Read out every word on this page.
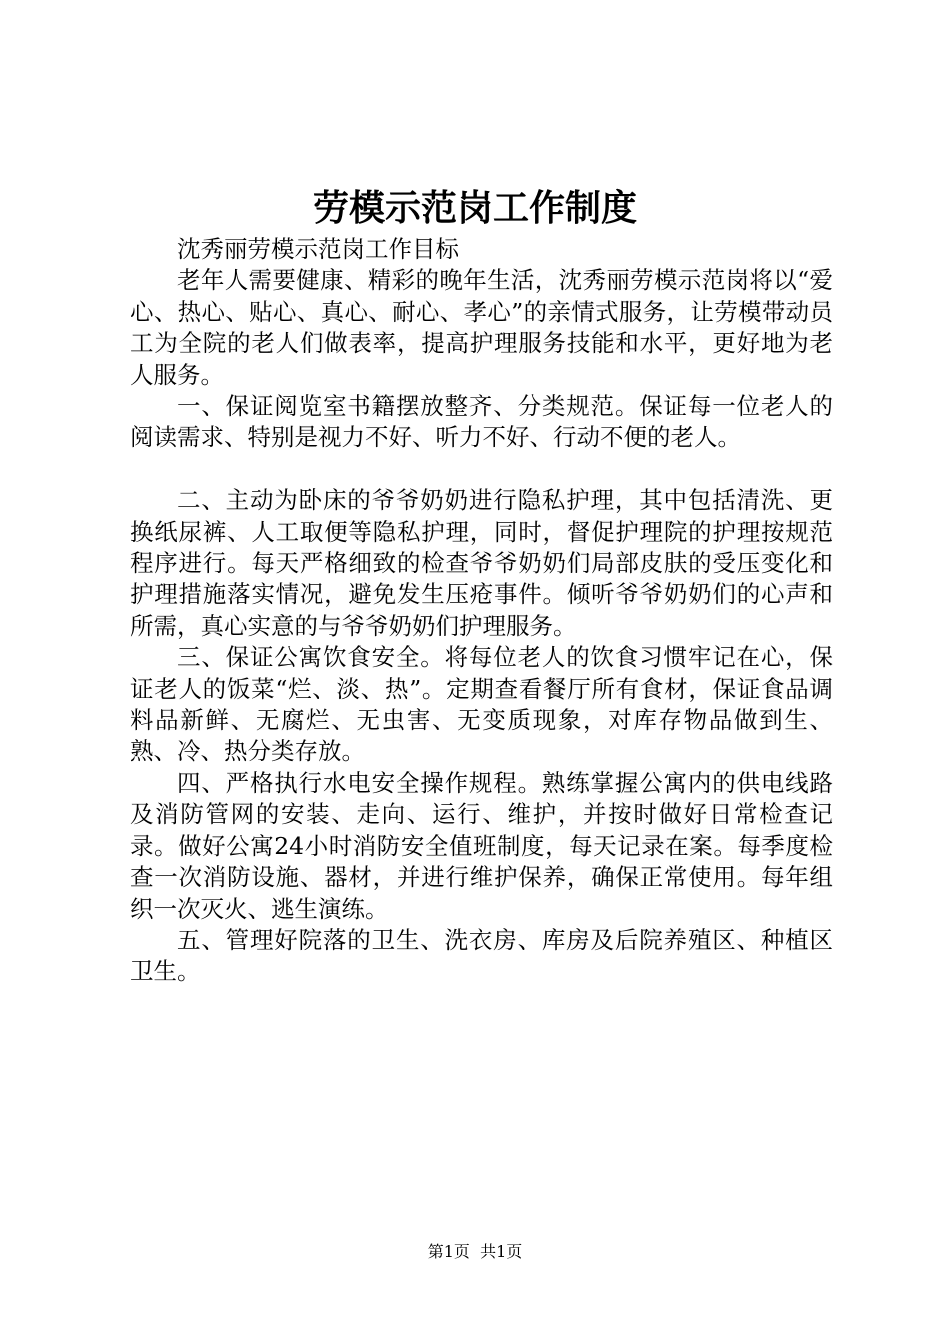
劳模示范岗工作制度

沈秀丽劳模示范岗工作目标

老年人需要健康、精彩的晚年生活，沈秀丽劳模示范岗将以“爱心、热心、贴心、真心、耐心、孝心”的亲情式服务，让劳模带动员工为全院的老人们做表率，提高护理服务技能和水平，更好地为老人服务。

一、保证阅览室书籍摆放整齐、分类规范。保证每一位老人的阅读需求、特别是视力不好、听力不好、行动不便的老人。

二、主动为卧床的爷爷奶奶进行隐私护理，其中包括清洗、更换纸尿裤、人工取便等隐私护理，同时，督促护理院的护理按规范程序进行。每天严格细致的检查爷爷奶奶们局部皮肤的受压变化和护理措施落实情况，避免发生压疮事件。倾听爷爷奶奶们的心声和所需，真心实意的与爷爷奶奶们护理服务。

三、保证公寓饮食安全。将每位老人的饮食习惯牢记在心，保证老人的饭菜“烂、淡、热”。定期查看餐厅所有食材，保证食品调料品新鲜、无腐烂、无虫害、无变质现象，对库存物品做到生、熟、冷、热分类存放。

四、严格执行水电安全操作规程。熟练掌握公寓内的供电线路及消防管网的安装、走向、运行、维护，并按时做好日常检查记录。做好公寓24小时消防安全值班制度，每天记录在案。每季度检查一次消防设施、器材，并进行维护保养，确保正常使用。每年组织一次灭火、逃生演练。

五、管理好院落的卫生、洗衣房、库房及后院养殖区、种植区卫生。

第1页 共1页
